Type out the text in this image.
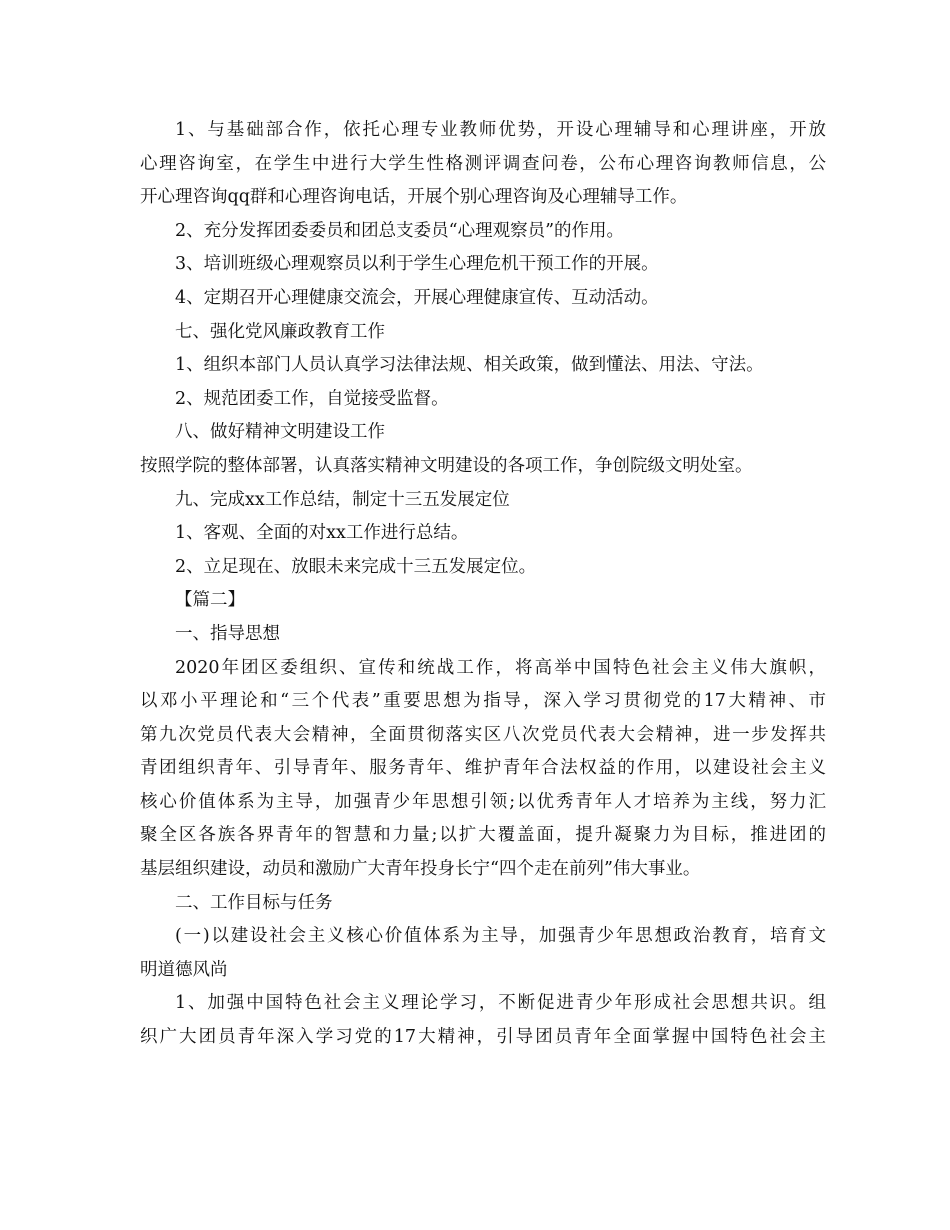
1、与基础部合作，依托心理专业教师优势，开设心理辅导和心理讲座，开放
心理咨询室，在学生中进行大学生性格测评调查问卷，公布心理咨询教师信息，公
开心理咨询qq群和心理咨询电话，开展个别心理咨询及心理辅导工作。
2、充分发挥团委委员和团总支委员“心理观察员”的作用。
3、培训班级心理观察员以利于学生心理危机干预工作的开展。
4、定期召开心理健康交流会，开展心理健康宣传、互动活动。
七、强化党风廉政教育工作
1、组织本部门人员认真学习法律法规、相关政策，做到懂法、用法、守法。
2、规范团委工作，自觉接受监督。
八、做好精神文明建设工作
按照学院的整体部署，认真落实精神文明建设的各项工作，争创院级文明处室。
九、完成xx工作总结，制定十三五发展定位
1、客观、全面的对xx工作进行总结。
2、立足现在、放眼未来完成十三五发展定位。
【篇二】
一、指导思想
2020年团区委组织、宣传和统战工作，将高举中国特色社会主义伟大旗帜，
以邓小平理论和“三个代表”重要思想为指导，深入学习贯彻党的17大精神、市
第九次党员代表大会精神，全面贯彻落实区八次党员代表大会精神，进一步发挥共
青团组织青年、引导青年、服务青年、维护青年合法权益的作用，以建设社会主义
核心价值体系为主导，加强青少年思想引领;以优秀青年人才培养为主线，努力汇
聚全区各族各界青年的智慧和力量;以扩大覆盖面，提升凝聚力为目标，推进团的
基层组织建设，动员和激励广大青年投身长宁“四个走在前列”伟大事业。
二、工作目标与任务
(一)以建设社会主义核心价值体系为主导，加强青少年思想政治教育，培育文
明道德风尚
1、加强中国特色社会主义理论学习，不断促进青少年形成社会思想共识。组
织广大团员青年深入学习党的17大精神，引导团员青年全面掌握中国特色社会主
